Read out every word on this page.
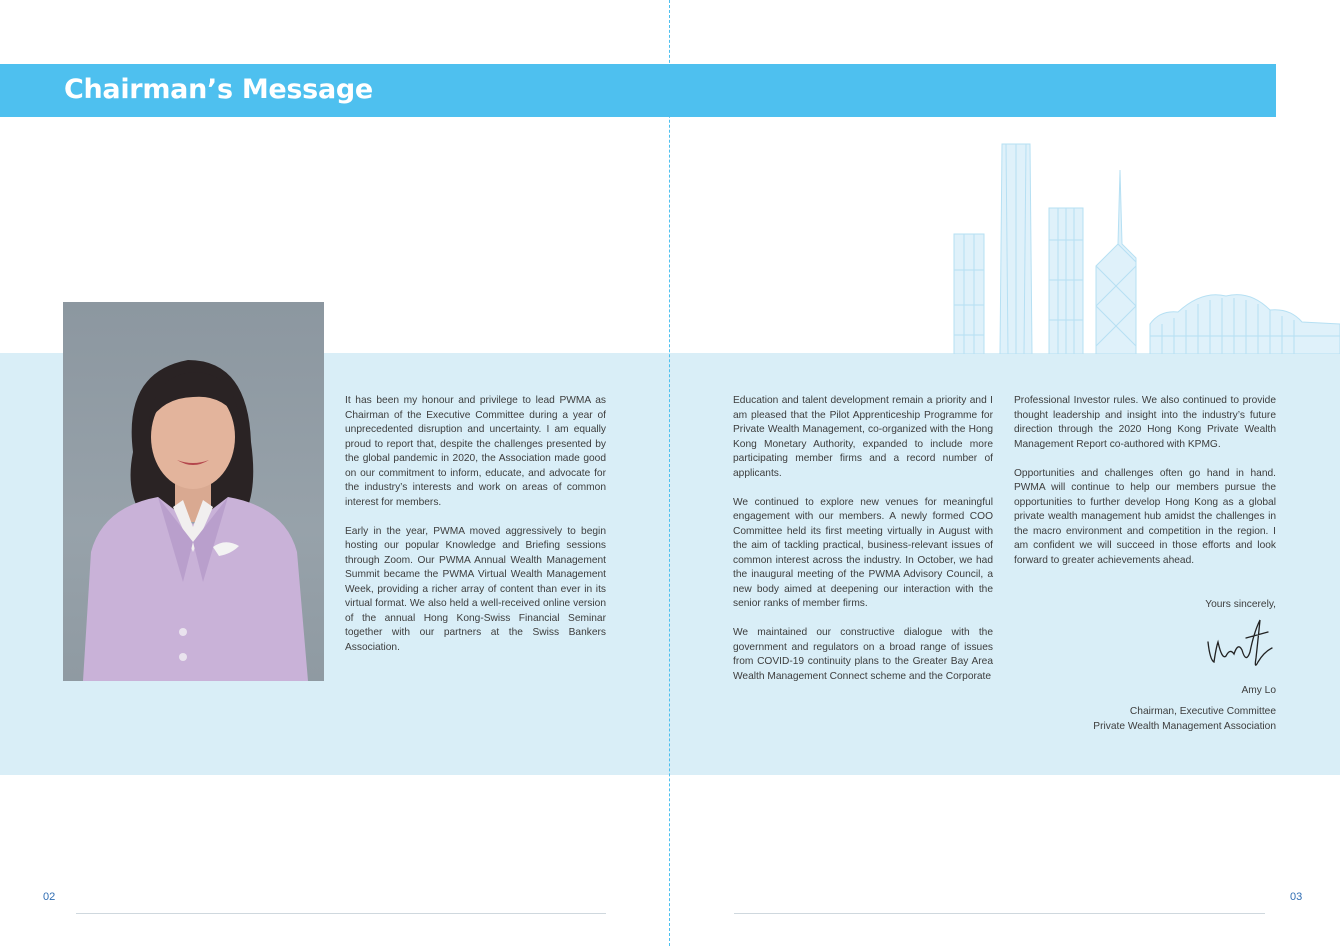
Chairman’s Message

It has been my honour and privilege to lead PWMA as Chairman of the Executive Committee during a year of unprecedented disruption and uncertainty. I am equally proud to report that, despite the challenges presented by the global pandemic in 2020, the Association made good on our commitment to inform, educate, and advocate for the industry’s interests and work on areas of common interest for members.

Early in the year, PWMA moved aggressively to begin hosting our popular Knowledge and Briefing sessions through Zoom. Our PWMA Annual Wealth Management Summit became the PWMA Virtual Wealth Management Week, providing a richer array of content than ever in its virtual format. We also held a well-received online version of the annual Hong Kong-Swiss Financial Seminar together with our partners at the Swiss Bankers Association.

Education and talent development remain a priority and I am pleased that the Pilot Apprenticeship Programme for Private Wealth Management, co-organized with the Hong Kong Monetary Authority, expanded to include more participating member firms and a record number of applicants.

We continued to explore new venues for meaningful engagement with our members. A newly formed COO Committee held its first meeting virtually in August with the aim of tackling practical, business-relevant issues of common interest across the industry. In October, we had the inaugural meeting of the PWMA Advisory Council, a new body aimed at deepening our interaction with the senior ranks of member firms.

We maintained our constructive dialogue with the government and regulators on a broad range of issues from COVID-19 continuity plans to the Greater Bay Area Wealth Management Connect scheme and the Corporate

Professional Investor rules. We also continued to provide thought leadership and insight into the industry’s future direction through the 2020 Hong Kong Private Wealth Management Report co-authored with KPMG.

Opportunities and challenges often go hand in hand. PWMA will continue to help our members pursue the opportunities to further develop Hong Kong as a global private wealth management hub amidst the challenges in the macro environment and competition in the region. I am confident we will succeed in those efforts and look forward to greater achievements ahead.

Yours sincerely,
Amy Lo
Chairman, Executive Committee
Private Wealth Management Association
02	03
